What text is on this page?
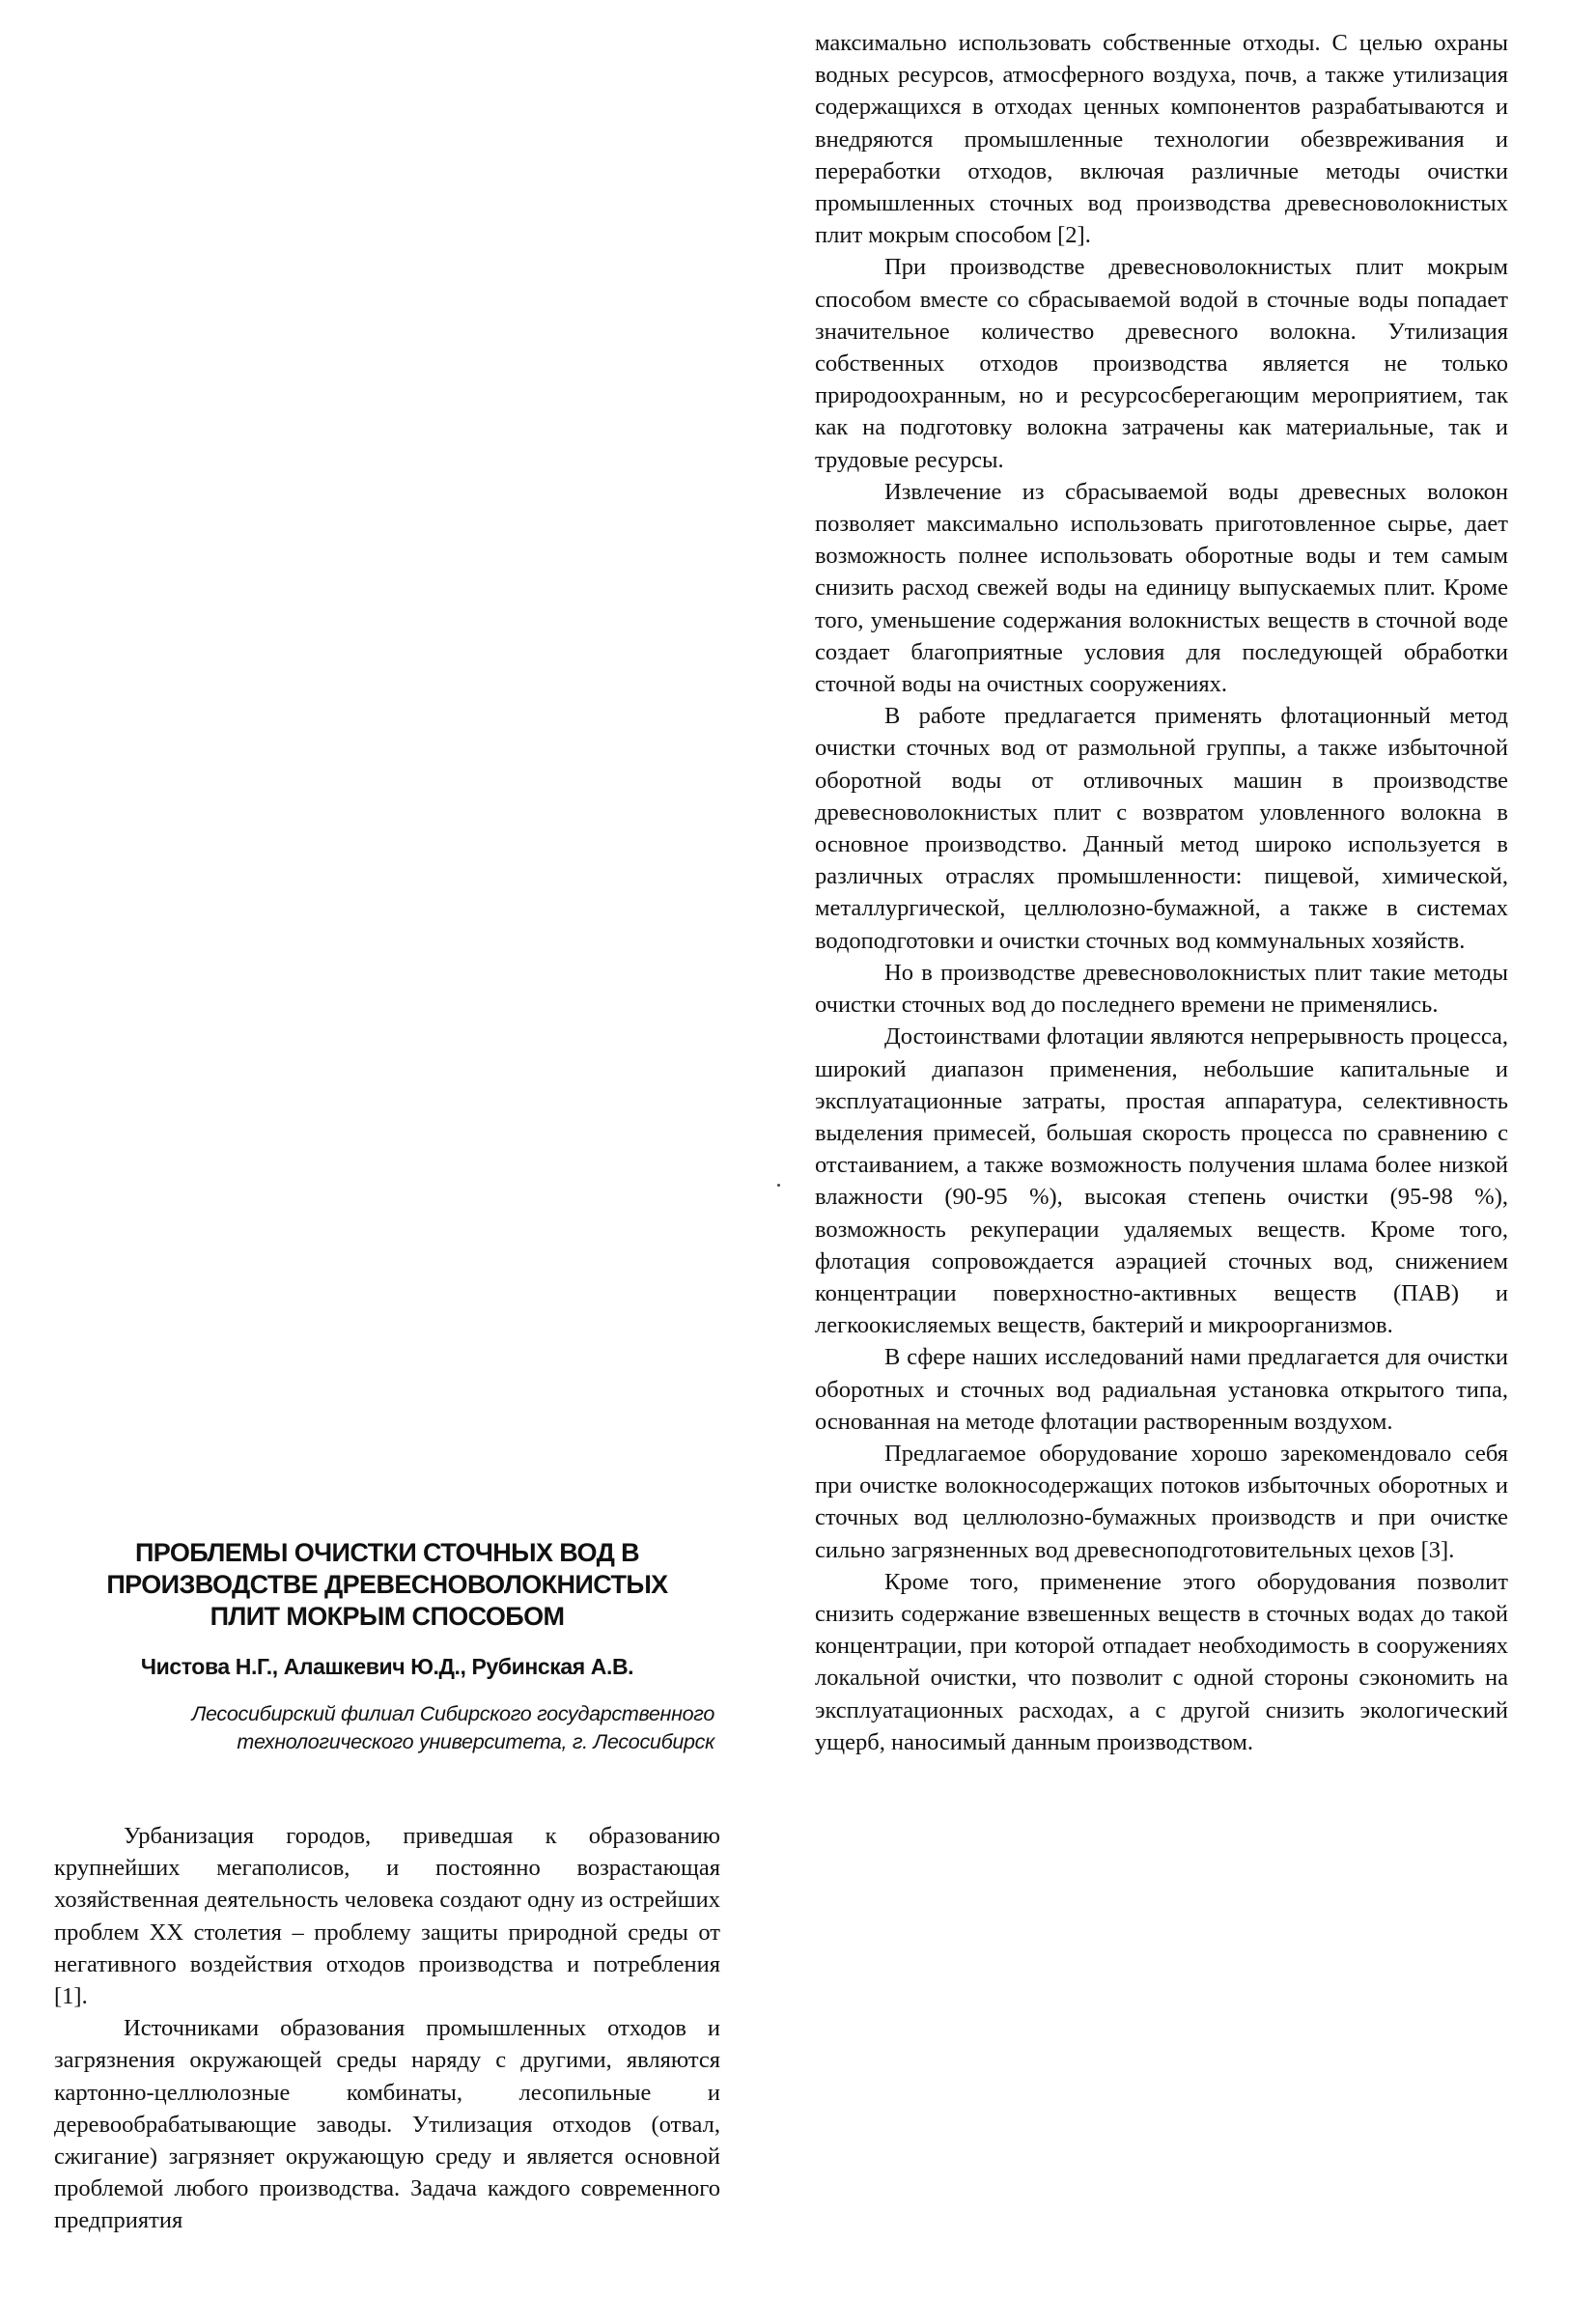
ПРОБЛЕМЫ ОЧИСТКИ СТОЧНЫХ ВОД В
ПРОИЗВОДСТВЕ ДРЕВЕСНОВОЛОКНИСТЫХ
ПЛИТ МОКРЫМ СПОСОБОМ
Чистова Н.Г., Алашкевич Ю.Д., Рубинская А.В.
Лесосибирский филиал Сибирского государственного
технологического университета, г. Лесосибирск

Урбанизация городов, приведшая к образованию крупнейших мегаполисов, и постоянно возрастающая хозяйственная деятельность человека создают одну из острейших проблем XX столетия – проблему защиты природной среды от негативного воздействия отходов производства и потребления [1].

Источниками образования промышленных отходов и загрязнения окружающей среды наряду с другими, являются картонно-целлюлозные комбинаты, лесопильные и деревообрабатывающие заводы. Утилизация отходов (отвал, сжигание) загрязняет окружающую среду и является основной проблемой любого производства. Задача каждого современного предприятия

максимально использовать собственные отходы. С целью охраны водных ресурсов, атмосферного воздуха, почв, а также утилизация содержащихся в отходах ценных компонентов разрабатываются и внедряются промышленные технологии обезвреживания и переработки отходов, включая различные методы очистки промышленных сточных вод производства древесноволокнистых плит мокрым способом [2].

При производстве древесноволокнистых плит мокрым способом вместе со сбрасываемой водой в сточные воды попадает значительное количество древесного волокна. Утилизация собственных отходов производства является не только природоохранным, но и ресурсосберегающим мероприятием, так как на подготовку волокна затрачены как материальные, так и трудовые ресурсы.

Извлечение из сбрасываемой воды древесных волокон позволяет максимально использовать приготовленное сырье, дает возможность полнее использовать оборотные воды и тем самым снизить расход свежей воды на единицу выпускаемых плит. Кроме того, уменьшение содержания волокнистых веществ в сточной воде создает благоприятные условия для последующей обработки сточной воды на очистных сооружениях.

В работе предлагается применять флотационный метод очистки сточных вод от размольной группы, а также избыточной оборотной воды от отливочных машин в производстве древесноволокнистых плит с возвратом уловленного волокна в основное производство. Данный метод широко используется в различных отраслях промышленности: пищевой, химической, металлургической, целлюлозно-бумажной, а также в системах водоподготовки и очистки сточных вод коммунальных хозяйств.

Но в производстве древесноволокнистых плит такие методы очистки сточных вод до последнего времени не применялись.

Достоинствами флотации являются непрерывность процесса, широкий диапазон применения, небольшие капитальные и эксплуатационные затраты, простая аппаратура, селективность выделения примесей, большая скорость процесса по сравнению с отстаиванием, а также возможность получения шлама более низкой влажности (90-95 %), высокая степень очистки (95-98 %), возможность рекуперации удаляемых веществ. Кроме того, флотация сопровождается аэрацией сточных вод, снижением концентрации поверхностно-активных веществ (ПАВ) и легкоокисляемых веществ, бактерий и микроорганизмов.

В сфере наших исследований нами предлагается для очистки оборотных и сточных вод радиальная установка открытого типа, основанная на методе флотации растворенным воздухом.

Предлагаемое оборудование хорошо зарекомендовало себя при очистке волокносодержащих потоков избыточных оборотных и сточных вод целлюлозно-бумажных производств и при очистке сильно загрязненных вод древесноподготовительных цехов [3].

Кроме того, применение этого оборудования позволит снизить содержание взвешенных веществ в сточных водах до такой концентрации, при которой отпадает необходимость в сооружениях локальной очистки, что позволит с одной стороны сэкономить на эксплуатационных расходах, а с другой снизить экологический ущерб, наносимый данным производством.
